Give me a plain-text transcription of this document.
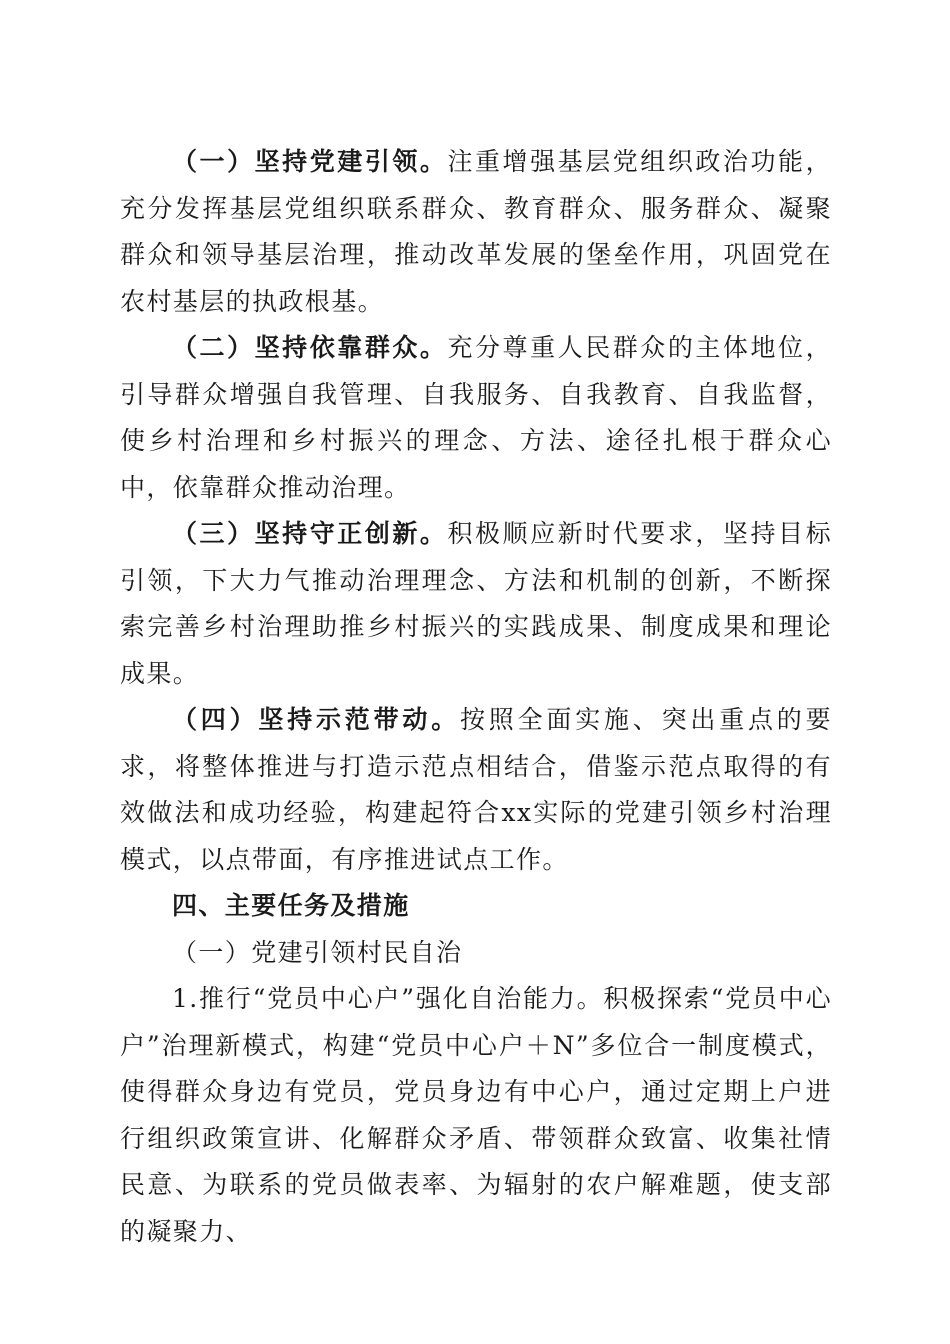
（一）坚持党建引领。注重增强基层党组织政治功能，充分发挥基层党组织联系群众、教育群众、服务群众、凝聚群众和领导基层治理，推动改革发展的堡垒作用，巩固党在农村基层的执政根基。

（二）坚持依靠群众。充分尊重人民群众的主体地位，引导群众增强自我管理、自我服务、自我教育、自我监督，使乡村治理和乡村振兴的理念、方法、途径扎根于群众心中，依靠群众推动治理。

（三）坚持守正创新。积极顺应新时代要求，坚持目标引领，下大力气推动治理理念、方法和机制的创新，不断探索完善乡村治理助推乡村振兴的实践成果、制度成果和理论成果。

（四）坚持示范带动。按照全面实施、突出重点的要求，将整体推进与打造示范点相结合，借鉴示范点取得的有效做法和成功经验，构建起符合xx实际的党建引领乡村治理模式，以点带面，有序推进试点工作。

四、主要任务及措施

（一）党建引领村民自治

1.推行“党员中心户”强化自治能力。积极探索“党员中心户”治理新模式，构建“党员中心户＋N”多位合一制度模式，使得群众身边有党员，党员身边有中心户，通过定期上户进行组织政策宣讲、化解群众矛盾、带领群众致富、收集社情民意、为联系的党员做表率、为辐射的农户解难题，使支部的凝聚力、
